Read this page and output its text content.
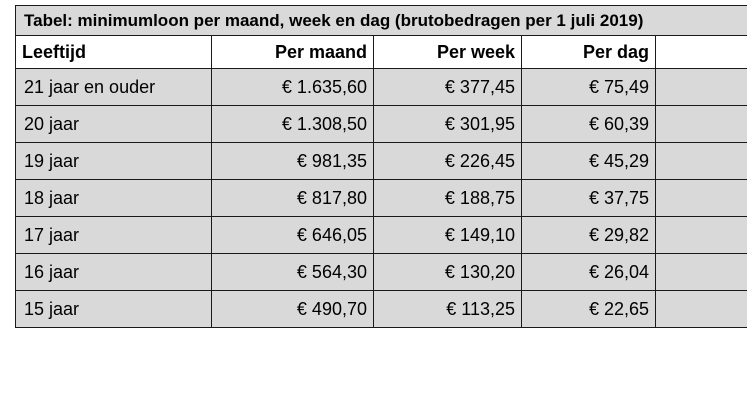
Tabel: minimumloon per maand, week en dag (brutobedragen per 1 juli 2019)				
Leeftijd	Per maand	Per week	Per dag	
21 jaar en ouder	€ 1.635,60	€ 377,45	€ 75,49	
20 jaar	€ 1.308,50	€ 301,95	€ 60,39	
19 jaar	€ 981,35	€ 226,45	€ 45,29	
18 jaar	€ 817,80	€ 188,75	€ 37,75	
17 jaar	€ 646,05	€ 149,10	€ 29,82	
16 jaar	€ 564,30	€ 130,20	€ 26,04	
15 jaar	€ 490,70	€ 113,25	€ 22,65	
